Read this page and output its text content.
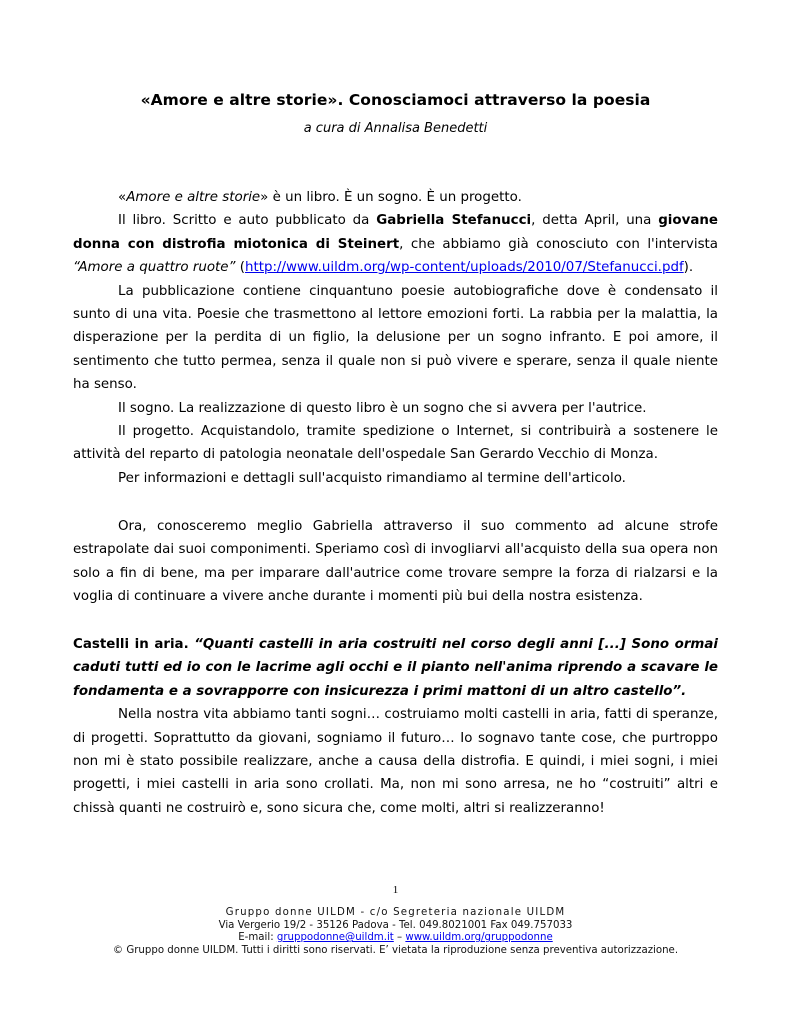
«Amore e altre storie». Conosciamoci attraverso la poesia
a cura di Annalisa Benedetti

«Amore e altre storie» è un libro. È un sogno. È un progetto.

Il libro. Scritto e auto pubblicato da Gabriella Stefanucci, detta April, una giovane donna con distrofia miotonica di Steinert, che abbiamo già conosciuto con l'intervista “Amore a quattro ruote” (http://www.uildm.org/wp-content/uploads/2010/07/Stefanucci.pdf).

La pubblicazione contiene cinquantuno poesie autobiografiche dove è condensato il sunto di una vita. Poesie che trasmettono al lettore emozioni forti. La rabbia per la malattia, la disperazione per la perdita di un figlio, la delusione per un sogno infranto. E poi amore, il sentimento che tutto permea, senza il quale non si può vivere e sperare, senza il quale niente ha senso.

Il sogno. La realizzazione di questo libro è un sogno che si avvera per l'autrice.

Il progetto. Acquistandolo, tramite spedizione o Internet, si contribuirà a sostenere le attività del reparto di patologia neonatale dell'ospedale San Gerardo Vecchio di Monza.

Per informazioni e dettagli sull'acquisto rimandiamo al termine dell'articolo.

Ora, conosceremo meglio Gabriella attraverso il suo commento ad alcune strofe estrapolate dai suoi componimenti. Speriamo così di invogliarvi all'acquisto della sua opera non solo a fin di bene, ma per imparare dall'autrice come trovare sempre la forza di rialzarsi e la voglia di continuare a vivere anche durante i momenti più bui della nostra esistenza.

Castelli in aria. “Quanti castelli in aria costruiti nel corso degli anni [...] Sono ormai caduti tutti ed io con le lacrime agli occhi e il pianto nell'anima riprendo a scavare le fondamenta e a sovrapporre con insicurezza i primi mattoni di un altro castello”.

Nella nostra vita abbiamo tanti sogni… costruiamo molti castelli in aria, fatti di speranze, di progetti. Soprattutto da giovani, sogniamo il futuro… Io sognavo tante cose, che purtroppo non mi è stato possibile realizzare, anche a causa della distrofia. E quindi, i miei sogni, i miei progetti, i miei castelli in aria sono crollati. Ma, non mi sono arresa, ne ho “costruiti” altri e chissà quanti ne costruirò e, sono sicura che, come molti, altri si realizzeranno!

1
Gruppo donne UILDM - c/o Segreteria nazionale UILDM
Via Vergerio 19/2 - 35126 Padova - Tel. 049.8021001 Fax 049.757033
E-mail: gruppodonne@uildm.it – www.uildm.org/gruppodonne
© Gruppo donne UILDM. Tutti i diritti sono riservati. E’ vietata la riproduzione senza preventiva autorizzazione.
